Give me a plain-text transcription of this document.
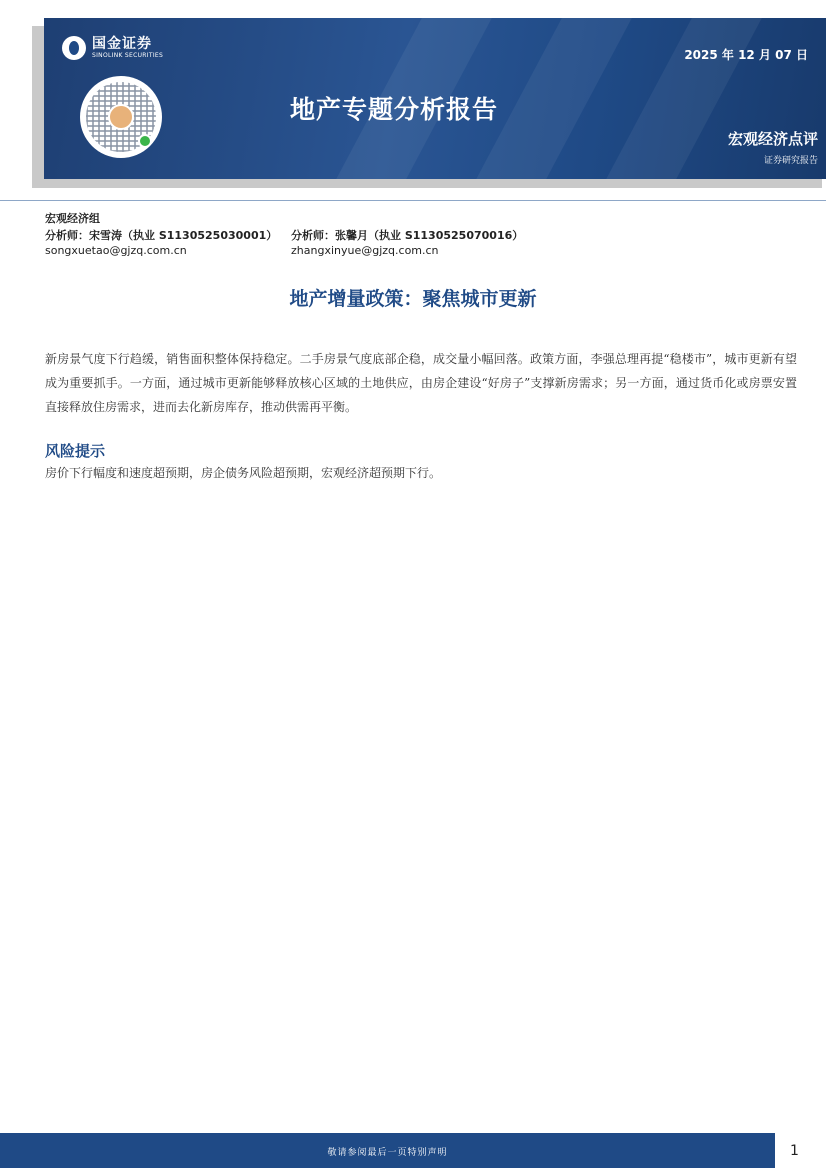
国金证券
SINOLINK SECURITIES	2025 年 12 月 07 日
地产专题分析报告
宏观经济点评
证券研究报告
宏观经济组
分析师：宋雪涛（执业 S1130525030001） 分析师：张馨月（执业 S1130525070016）
songxuetao@gjzq.com.cn	zhangxinyue@gjzq.com.cn
地产增量政策：聚焦城市更新
新房景气度下行趋缓，销售面积整体保持稳定。二手房景气度底部企稳，成交量小幅回落。政策方面，李强总理再提“稳楼市”，城市更新有望成为重要抓手。一方面，通过城市更新能够释放核心区域的土地供应，由房企建设“好房子”支撑新房需求；另一方面，通过货币化或房票安置直接释放住房需求，进而去化新房库存，推动供需再平衡。
风险提示
房价下行幅度和速度超预期，房企债务风险超预期，宏观经济超预期下行。
敬请参阅最后一页特别声明	1
